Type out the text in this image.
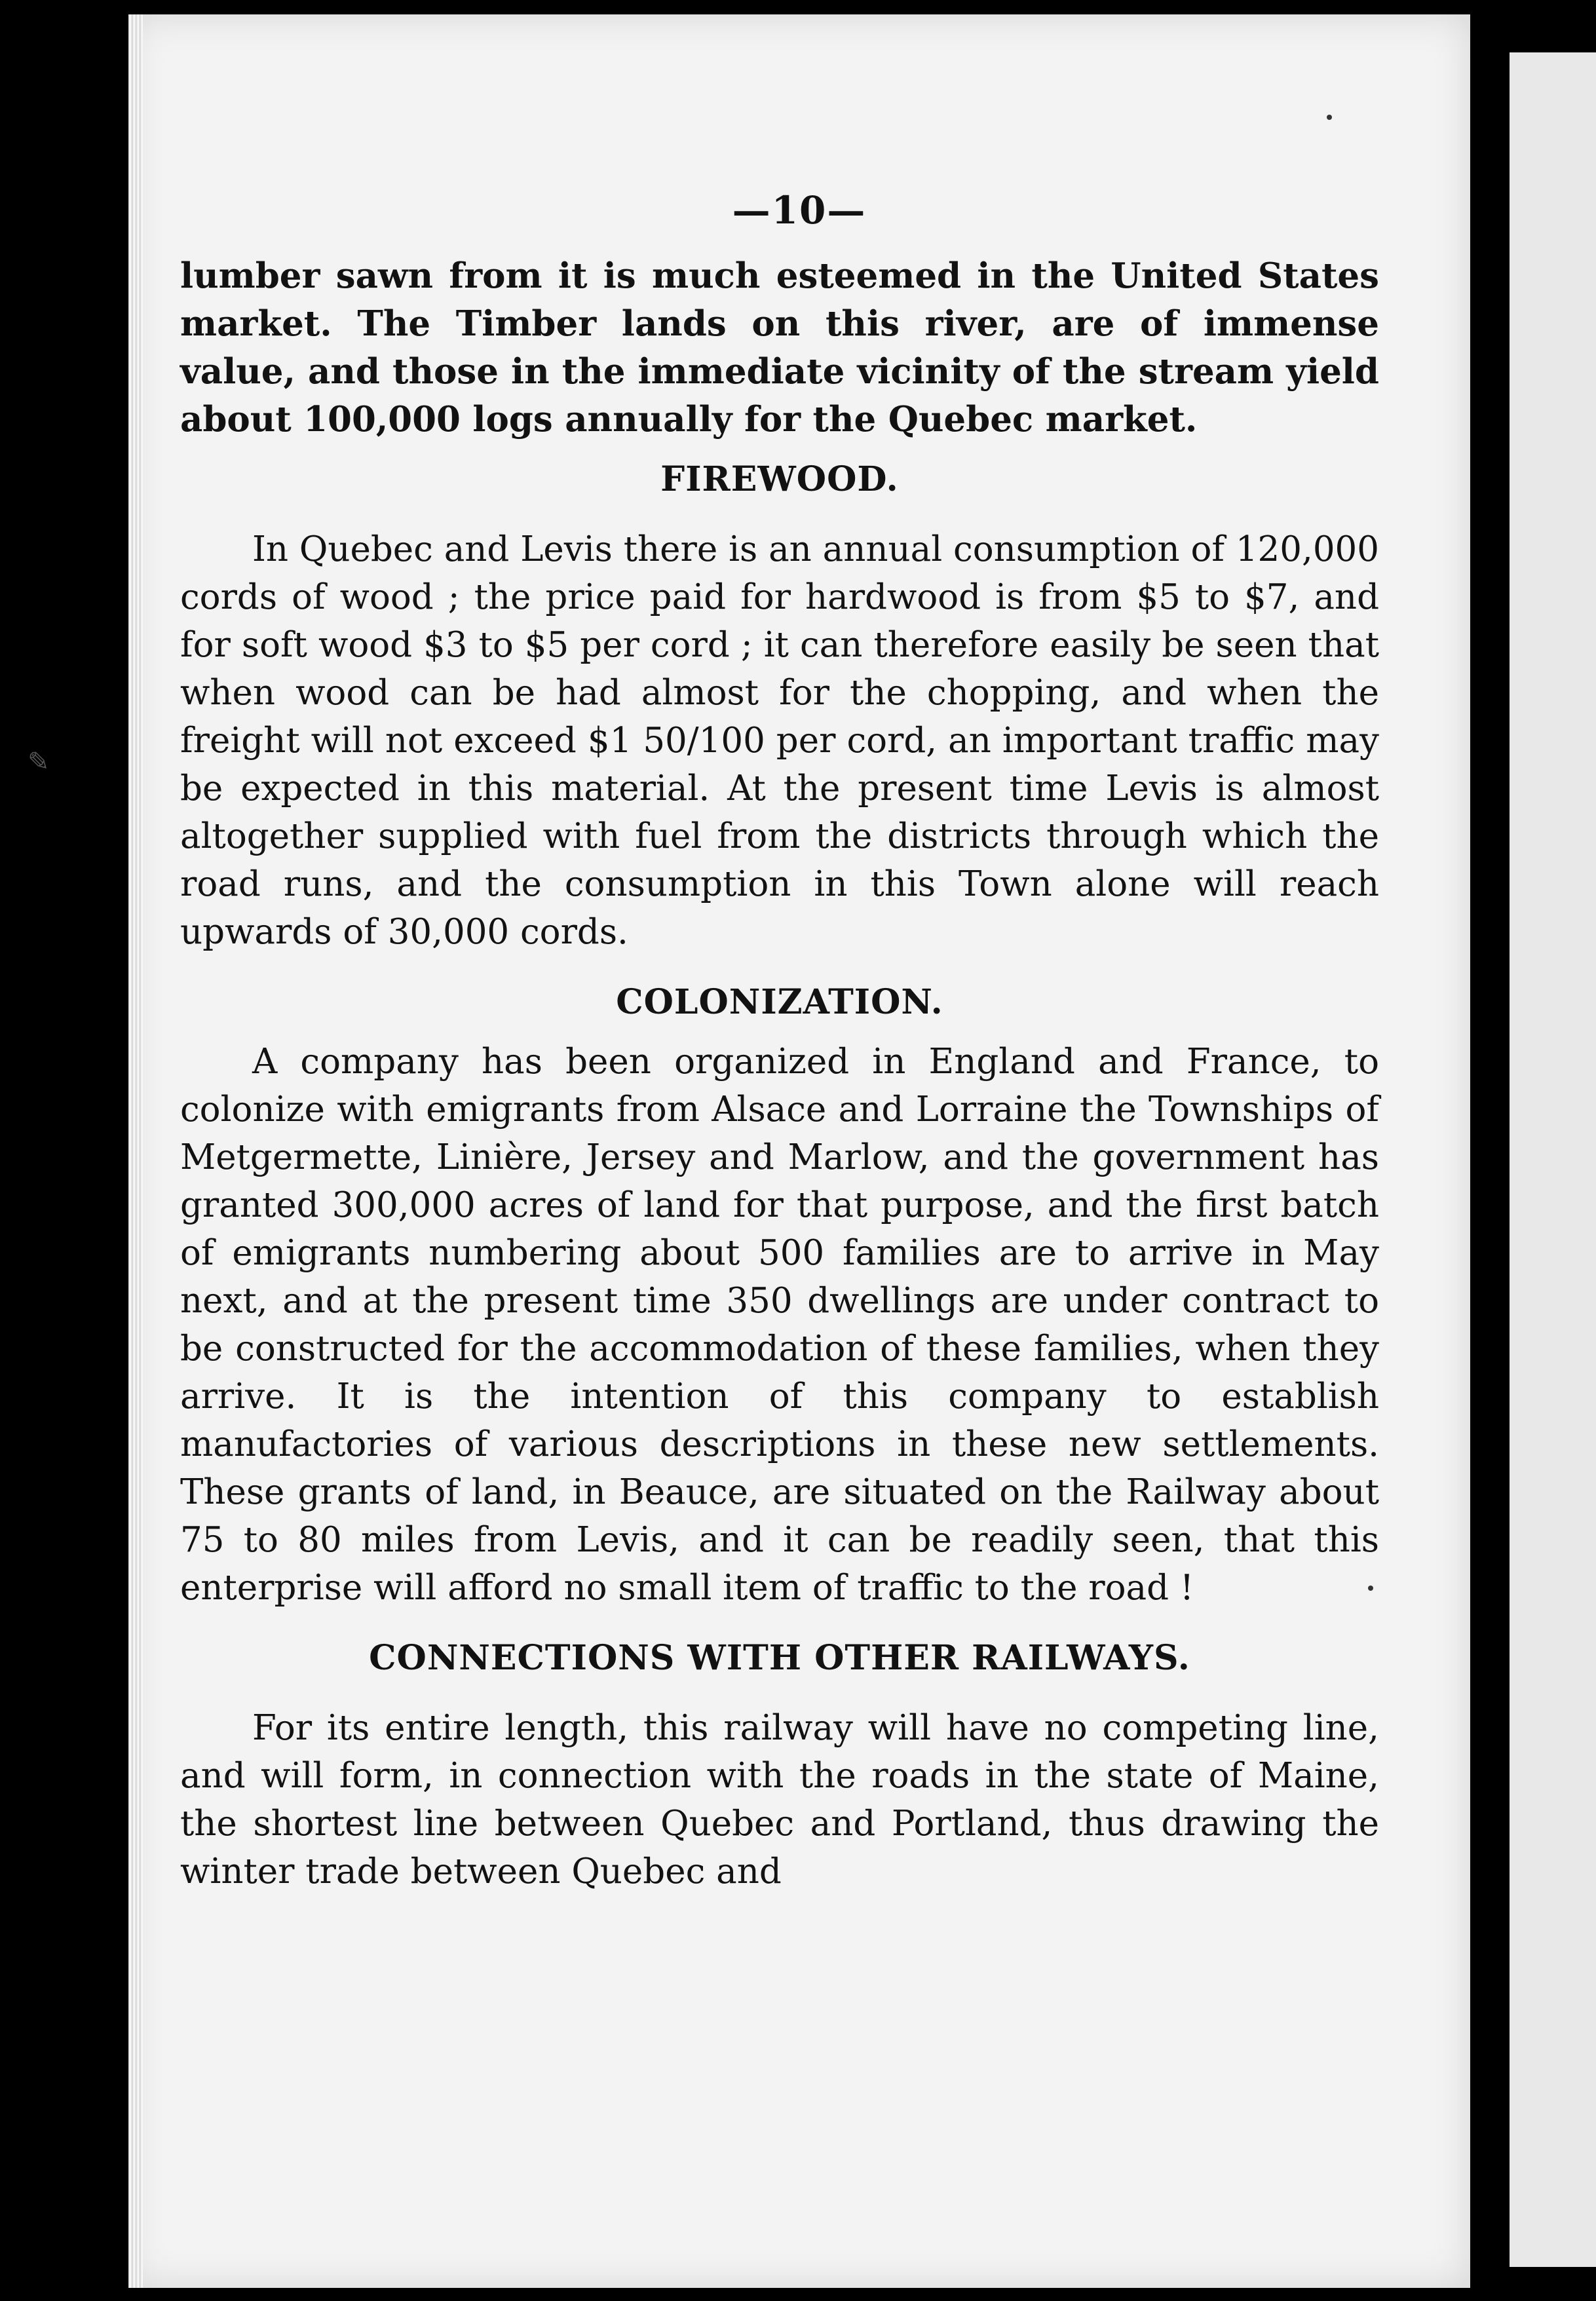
✎
—10—

lumber sawn from it is much esteemed in the United States market. The Timber lands on this river, are of immense value, and those in the immediate vicinity of the stream yield about 100,000 logs annually for the Quebec market.

FIREWOOD.

In Quebec and Levis there is an annual consumption of 120,000 cords of wood ; the price paid for hardwood is from $5 to $7, and for soft wood $3 to $5 per cord ; it can therefore easily be seen that when wood can be had almost for the chopping, and when the freight will not exceed $1 50/100 per cord, an important traffic may be expected in this material. At the present time Levis is almost altogether supplied with fuel from the districts through which the road runs, and the consumption in this Town alone will reach upwards of 30,000 cords.

COLONIZATION.

A company has been organized in England and France, to colonize with emigrants from Alsace and Lorraine the Townships of Metgermette, Linière, Jersey and Marlow, and the government has granted 300,000 acres of land for that purpose, and the first batch of emigrants numbering about 500 families are to arrive in May next, and at the present time 350 dwellings are under contract to be constructed for the accommodation of these families, when they arrive. It is the intention of this company to establish manufactories of various descriptions in these new settlements. These grants of land, in Beauce, are situated on the Railway about 75 to 80 miles from Levis, and it can be readily seen, that this enterprise will afford no small item of traffic to the road !

CONNECTIONS WITH OTHER RAILWAYS.

For its entire length, this railway will have no competing line, and will form, in connection with the roads in the state of Maine, the shortest line between Quebec and Portland, thus drawing the winter trade between Quebec and
